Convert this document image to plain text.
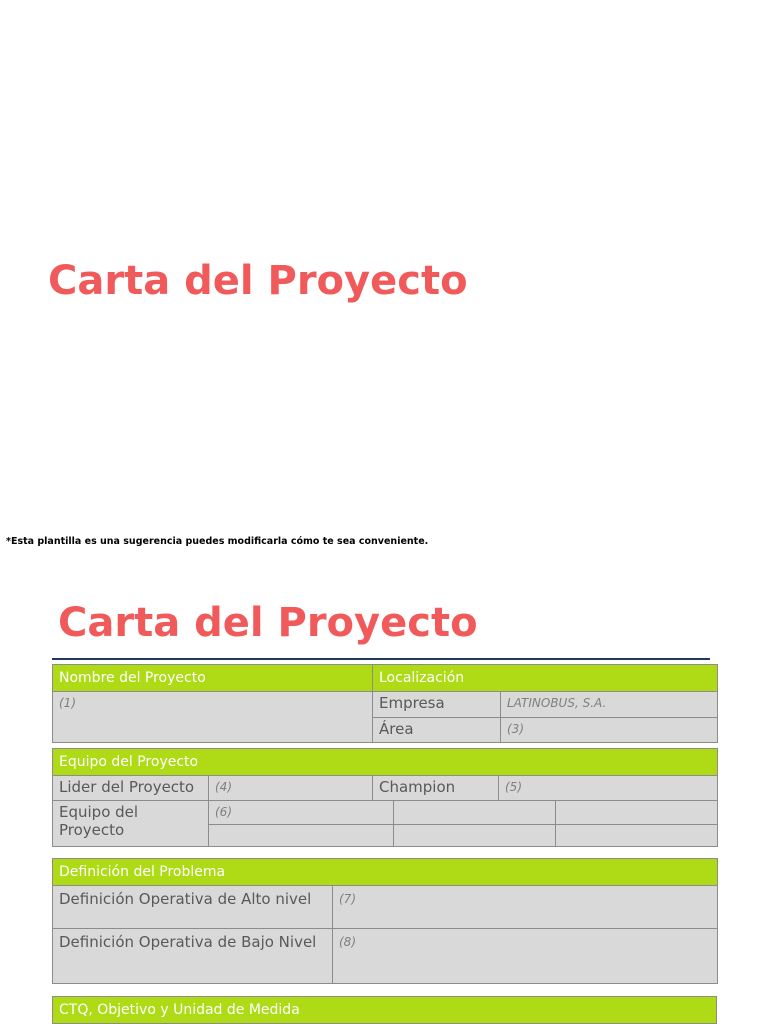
Carta del Proyecto
*Esta plantilla es una sugerencia puedes modificarla cómo te sea conveniente.
Carta del Proyecto
Nombre del Proyecto	Localización	
(1)	Empresa	LATINOBUS, S.A.
	Área	(3)
Equipo del Proyecto					
Lider del Proyecto	(4)	Champion		(5)	
Equipo del Proyecto	(6)				

Definición del Problema	
Definición Operativa de Alto nivel	(7)
Definición Operativa de Bajo Nivel	(8)
CTQ, Objetivo y Unidad de Medida
